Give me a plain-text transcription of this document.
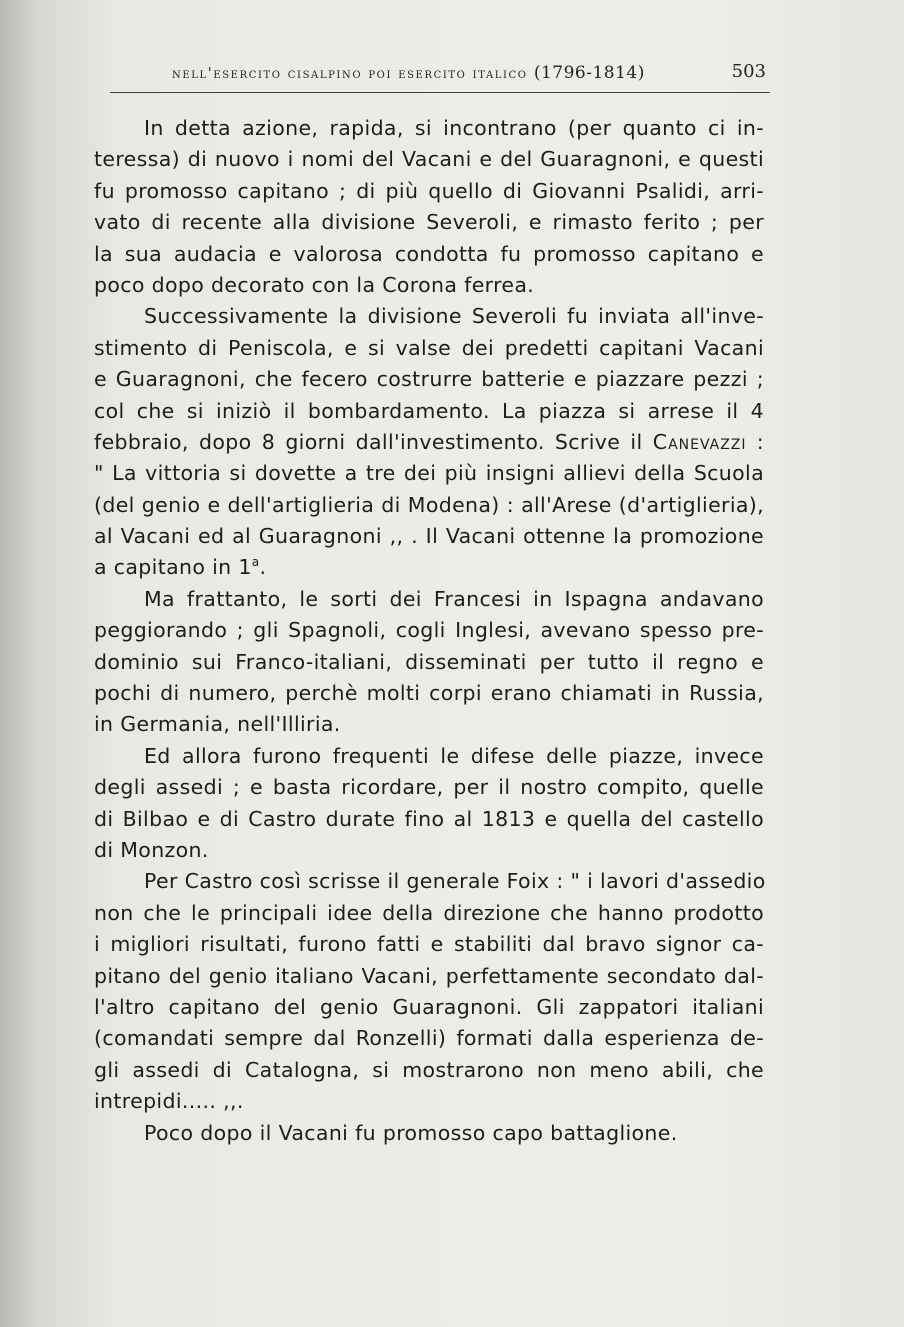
nell'esercito cisalpino poi esercito italico (1796-1814)	503
In detta azione, rapida, si incontrano (per quanto ci in-
teressa) di nuovo i nomi del Vacani e del Guaragnoni, e questi
fu promosso capitano ; di più quello di Giovanni Psalidi, arri-
vato di recente alla divisione Severoli, e rimasto ferito ; per
la sua audacia e valorosa condotta fu promosso capitano e
poco dopo decorato con la Corona ferrea.
Successivamente la divisione Severoli fu inviata all'inve-
stimento di Peniscola, e si valse dei predetti capitani Vacani
e Guaragnoni, che fecero costrurre batterie e piazzare pezzi ;
col che si iniziò il bombardamento. La piazza si arrese il 4
febbraio, dopo 8 giorni dall'investimento. Scrive il Canevazzi :
" La vittoria si dovette a tre dei più insigni allievi della Scuola
(del genio e dell'artiglieria di Modena) : all'Arese (d'artiglieria),
al Vacani ed al Guaragnoni ,, . Il Vacani ottenne la promozione
a capitano in 1$^a$.
Ma frattanto, le sorti dei Francesi in Ispagna andavano
peggiorando ; gli Spagnoli, cogli Inglesi, avevano spesso pre-
dominio sui Franco-italiani, disseminati per tutto il regno e
pochi di numero, perchè molti corpi erano chiamati in Russia,
in Germania, nell'Illiria.
Ed allora furono frequenti le difese delle piazze, invece
degli assedi ; e basta ricordare, per il nostro compito, quelle
di Bilbao e di Castro durate fino al 1813 e quella del castello
di Monzon.
Per Castro così scrisse il generale Foix : " i lavori d'assedio
non che le principali idee della direzione che hanno prodotto
i migliori risultati, furono fatti e stabiliti dal bravo signor ca-
pitano del genio italiano Vacani, perfettamente secondato dal-
l'altro capitano del genio Guaragnoni. Gli zappatori italiani
(comandati sempre dal Ronzelli) formati dalla esperienza de-
gli assedi di Catalogna, si mostrarono non meno abili, che
intrepidi..... ,,.
Poco dopo il Vacani fu promosso capo battaglione.
